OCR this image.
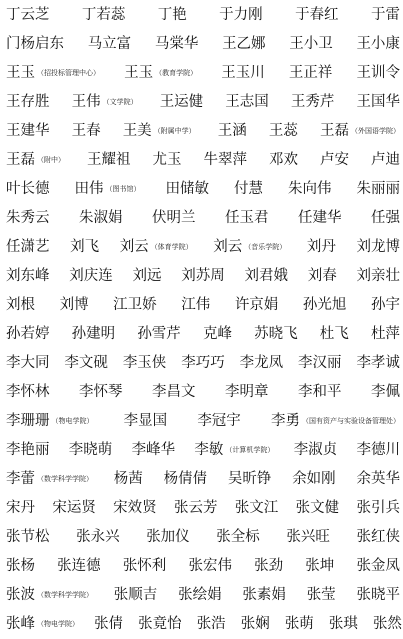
丁云芝 丁若蕊 丁艳 于力刚 于春红 于雷
门杨启东 马立富 马棠华 王乙娜 王小卫 王小康
王玉 （招投标管理中心） 王玉 （教育学院） 王玉川 王正祥 王训令
王存胜 王伟 （文学院） 王运健 王志国 王秀芹 王国华
王建华 王春 王美 （附属中学） 王涵 王蕊 王磊 （外国语学院）
王磊 （附中） 王耀祖 尤玉 牛翠萍 邓欢 卢安 卢迪
叶长德 田伟 （图书馆） 田储敏 付慧 朱向伟 朱丽丽
朱秀云 朱淑娟 伏明兰 任玉君 任建华 任强
任潇艺 刘飞 刘云 （体育学院） 刘云 （音乐学院） 刘丹 刘龙博
刘东峰 刘庆连 刘远 刘苏周 刘君娥 刘春 刘亲壮
刘根 刘博 江卫娇 江伟 许京娟 孙光旭 孙宇
孙若婷 孙建明 孙雪芹 克峰 苏晓飞 杜飞 杜萍
李大同 李文砚 李玉侠 李巧巧 李龙凤 李汉丽 李孝诚
李怀林 李怀琴 李昌文 李明章 李和平 李佩
李珊珊 （物电学院） 李显国 李冠宇 李勇 （国有资产与实验设备管理处）
李艳丽 李晓萌 李峰华 李敏 （计算机学院） 李淑贞 李德川
李蕾 （数学科学学院） 杨茜 杨倩倩 吴昕铮 余如刚 余英华
宋丹 宋运贤 宋效贤 张云芳 张文江 张文健 张引兵
张节松 张永兴 张加仪 张全标 张兴旺 张红侠
张杨 张连德 张怀利 张宏伟 张劲 张坤 张金凤
张波 （数学科学学院） 张顺吉 张绘娟 张素娟 张莹 张晓平
张峰 （物电学院） 张倩 张竟怡 张浩 张娴 张萌 张琪 张然
